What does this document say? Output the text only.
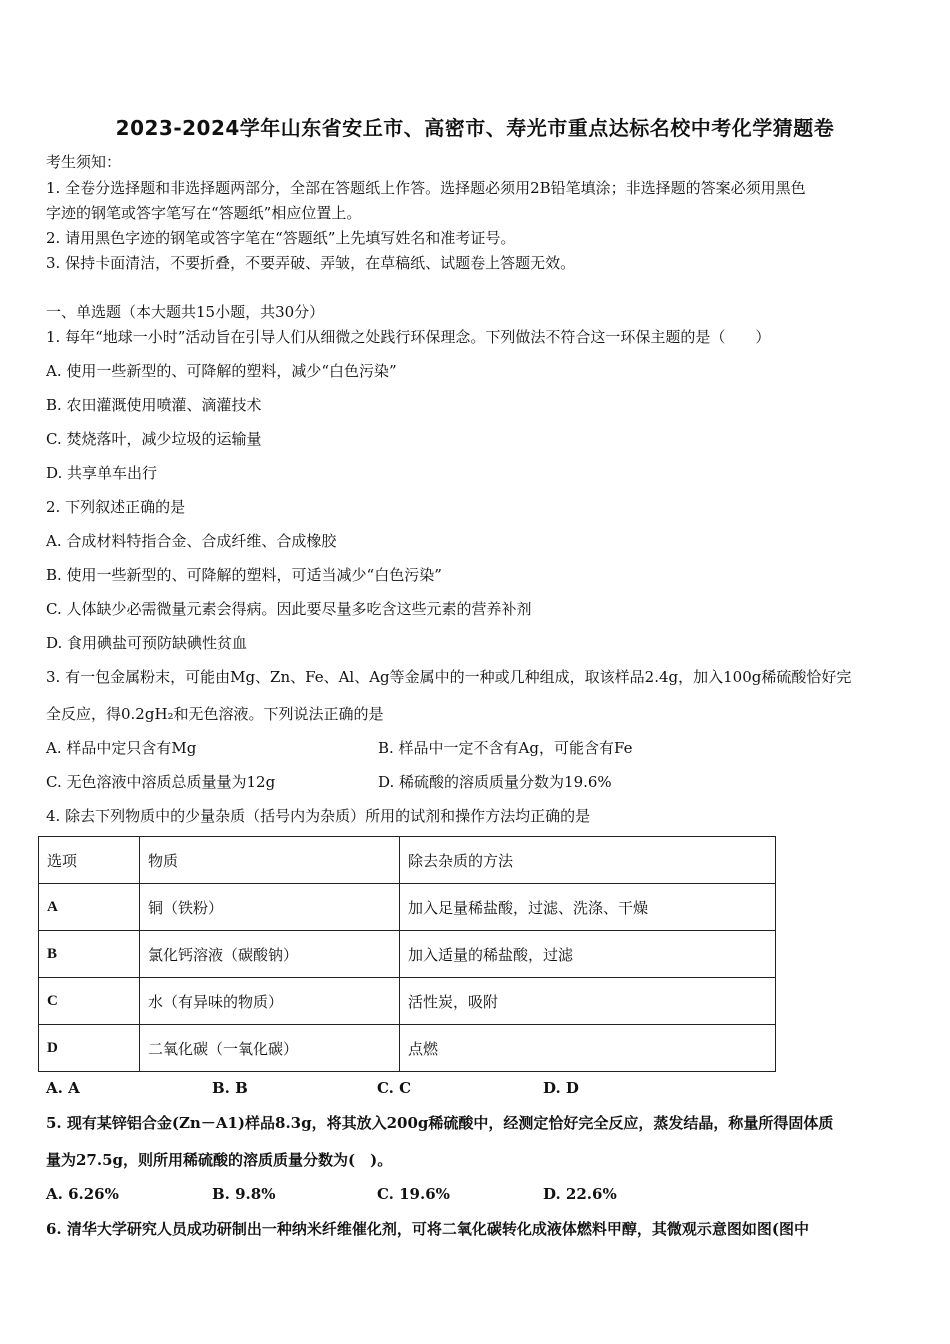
2023-2024学年山东省安丘市、高密市、寿光市重点达标名校中考化学猜题卷
考生须知：
1. 全卷分选择题和非选择题两部分，全部在答题纸上作答。选择题必须用2B铅笔填涂；非选择题的答案必须用黑色
字迹的钢笔或答字笔写在“答题纸”相应位置上。
2. 请用黑色字迹的钢笔或答字笔在“答题纸”上先填写姓名和准考证号。
3. 保持卡面清洁，不要折叠，不要弄破、弄皱，在草稿纸、试题卷上答题无效。
一、单选题（本大题共15小题，共30分）
1. 每年“地球一小时”活动旨在引导人们从细微之处践行环保理念。下列做法不符合这一环保主题的是（　　）
A. 使用一些新型的、可降解的塑料，减少“白色污染”
B. 农田灌溉使用喷灌、滴灌技术
C. 焚烧落叶，减少垃圾的运输量
D. 共享单车出行
2. 下列叙述正确的是
A. 合成材料特指合金、合成纤维、合成橡胶
B. 使用一些新型的、可降解的塑料，可适当减少“白色污染”
C. 人体缺少必需微量元素会得病。因此要尽量多吃含这些元素的营养补剂
D. 食用碘盐可预防缺碘性贫血
3. 有一包金属粉末，可能由Mg、Zn、Fe、Al、Ag等金属中的一种或几种组成，取该样品2.4g，加入100g稀硫酸恰好完
全反应，得0.2gH₂和无色溶液。下列说法正确的是
A. 样品中定只含有Mg	B. 样品中一定不含有Ag，可能含有Fe
C. 无色溶液中溶质总质量量为12g	D. 稀硫酸的溶质质量分数为19.6%
4. 除去下列物质中的少量杂质（括号内为杂质）所用的试剂和操作方法均正确的是
选项	物质	除去杂质的方法
A	铜（铁粉）	加入足量稀盐酸，过滤、洗涤、干燥
B	氯化钙溶液（碳酸钠）	加入适量的稀盐酸，过滤
C	水（有异味的物质）	活性炭，吸附
D	二氧化碳（一氧化碳）	点燃
A. A	B. B	C. C	D. D
5. 现有某锌铝合金(Zn－A1)样品8.3g，将其放入200g稀硫酸中，经测定恰好完全反应，蒸发结晶，称量所得固体质
量为27.5g，则所用稀硫酸的溶质质量分数为(　)。
A. 6.26%	B. 9.8%	C. 19.6%	D. 22.6%
6. 清华大学研究人员成功研制出一种纳米纤维催化剂，可将二氧化碳转化成液体燃料甲醇，其微观示意图如图(图中
